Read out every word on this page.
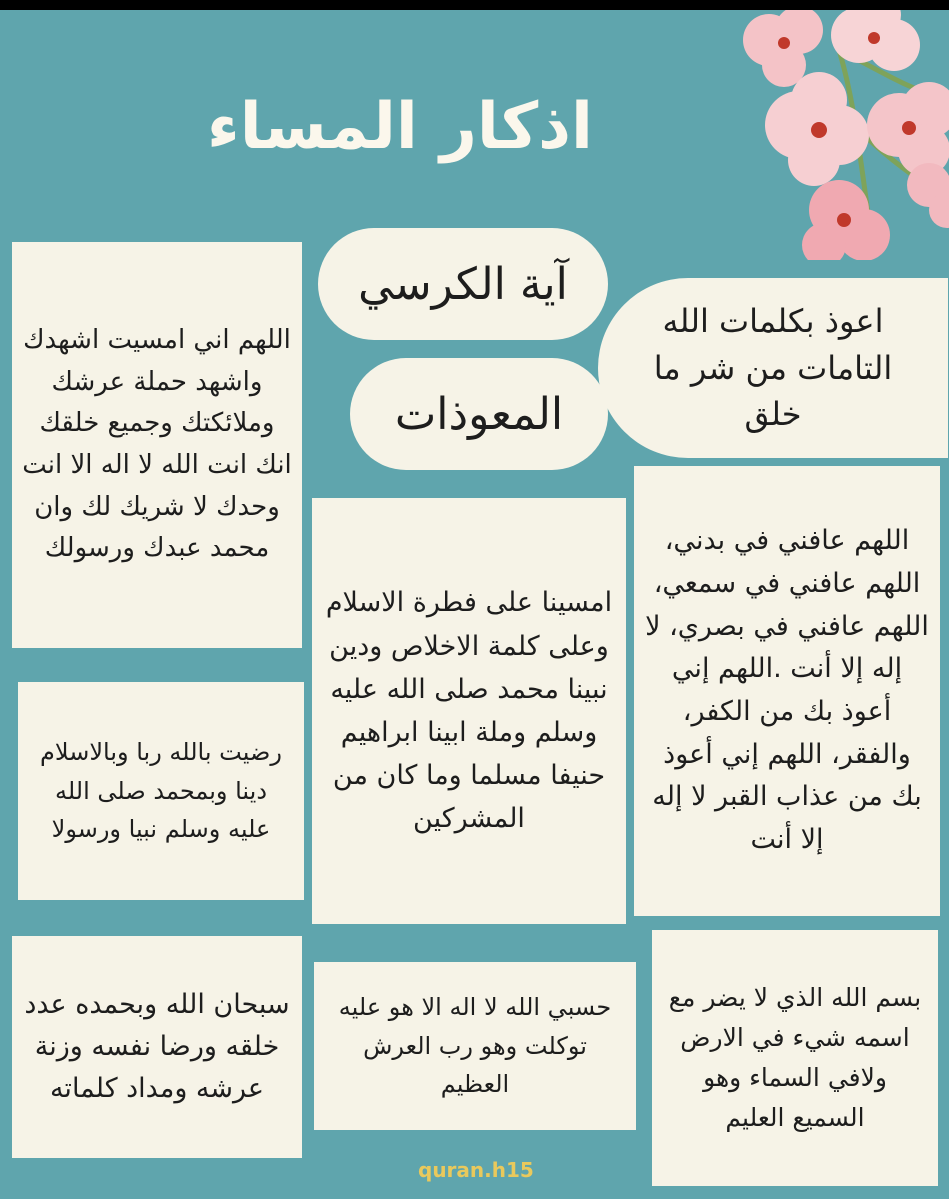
اذكار المساء
آية الكرسي
المعوذات
اعوذ بكلمات الله التامات من شر ما خلق
اللهم اني امسيت اشهدك واشهد حملة عرشك وملائكتك وجميع خلقك انك انت الله لا اله الا انت وحدك لا شريك لك وان محمد عبدك ورسولك
رضيت بالله ربا وبالاسلام دينا وبمحمد صلى الله عليه وسلم نبيا ورسولا
سبحان الله وبحمده عدد خلقه ورضا نفسه وزنة عرشه ومداد كلماته
امسينا على فطرة الاسلام وعلى كلمة الاخلاص ودين نبينا محمد صلى الله عليه وسلم وملة ابينا ابراهيم حنيفا مسلما وما كان من المشركين
حسبي الله لا اله الا هو عليه توكلت وهو رب العرش العظيم
اللهم عافني في بدني، اللهم عافني في سمعي، اللهم عافني في بصري، لا إله إلا أنت .اللهم إني أعوذ بك من الكفر، والفقر، اللهم إني أعوذ بك من عذاب القبر لا إله إلا أنت
بسم الله الذي لا يضر مع اسمه شيء في الارض ولافي السماء وهو السميع العليم
quran.h15
